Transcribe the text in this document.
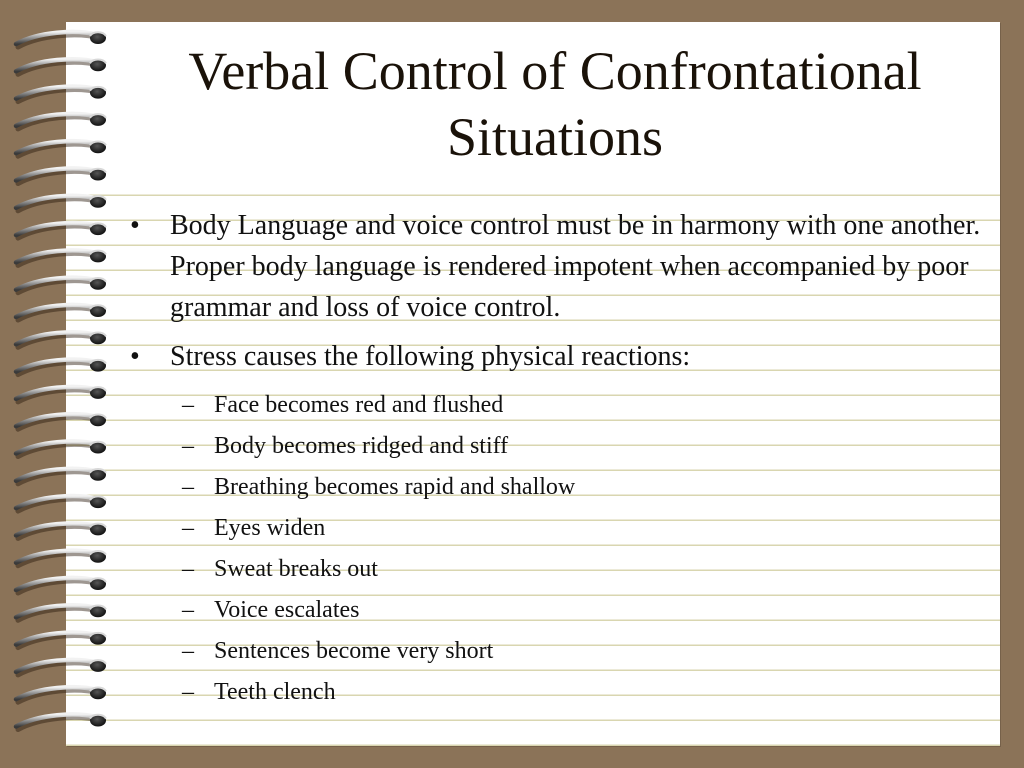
Verbal Control of Confrontational Situations
• Body Language and voice control must be in harmony with one another. Proper body language is rendered impotent when accompanied by poor grammar and loss of voice control.
• Stress causes the following physical reactions:
– Face becomes red and flushed
– Body becomes ridged and stiff
– Breathing becomes rapid and shallow
– Eyes widen
– Sweat breaks out
– Voice escalates
– Sentences become very short
– Teeth clench
